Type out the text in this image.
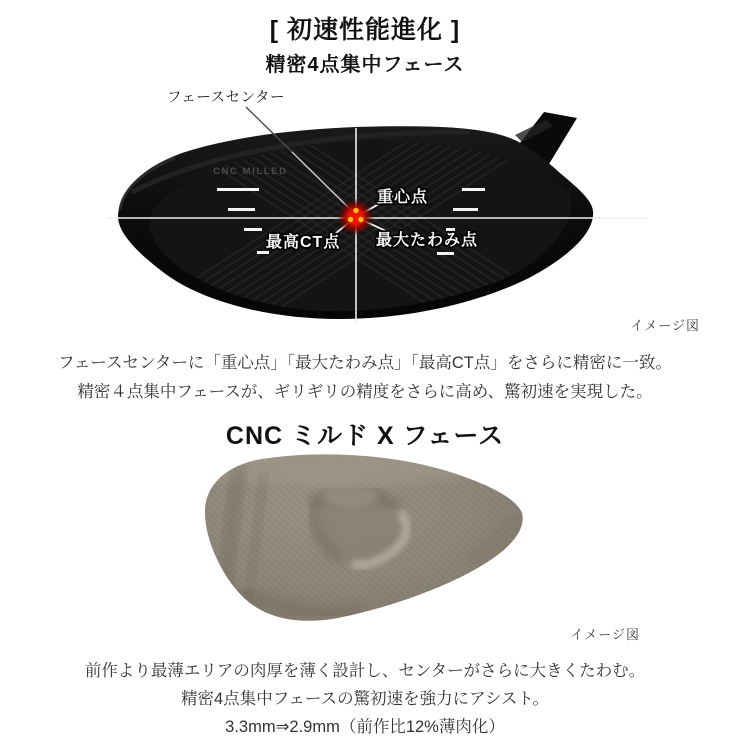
[ 初速性能進化 ]
精密4点集中フェース
CNC MILLED
フェースセンター
重心点
最高CT点 最大たわみ点
イメージ図

フェースセンターに「重心点」「最大たわみ点」「最高CT点」をさらに精密に一致。
精密４点集中フェースが、ギリギリの精度をさらに高め、驚初速を実現した。

CNC ミルド X フェース
イメージ図

前作より最薄エリアの肉厚を薄く設計し、センターがさらに大きくたわむ。
精密4点集中フェースの驚初速を強力にアシスト。
3.3mm⇒2.9mm（前作比12%薄肉化）
